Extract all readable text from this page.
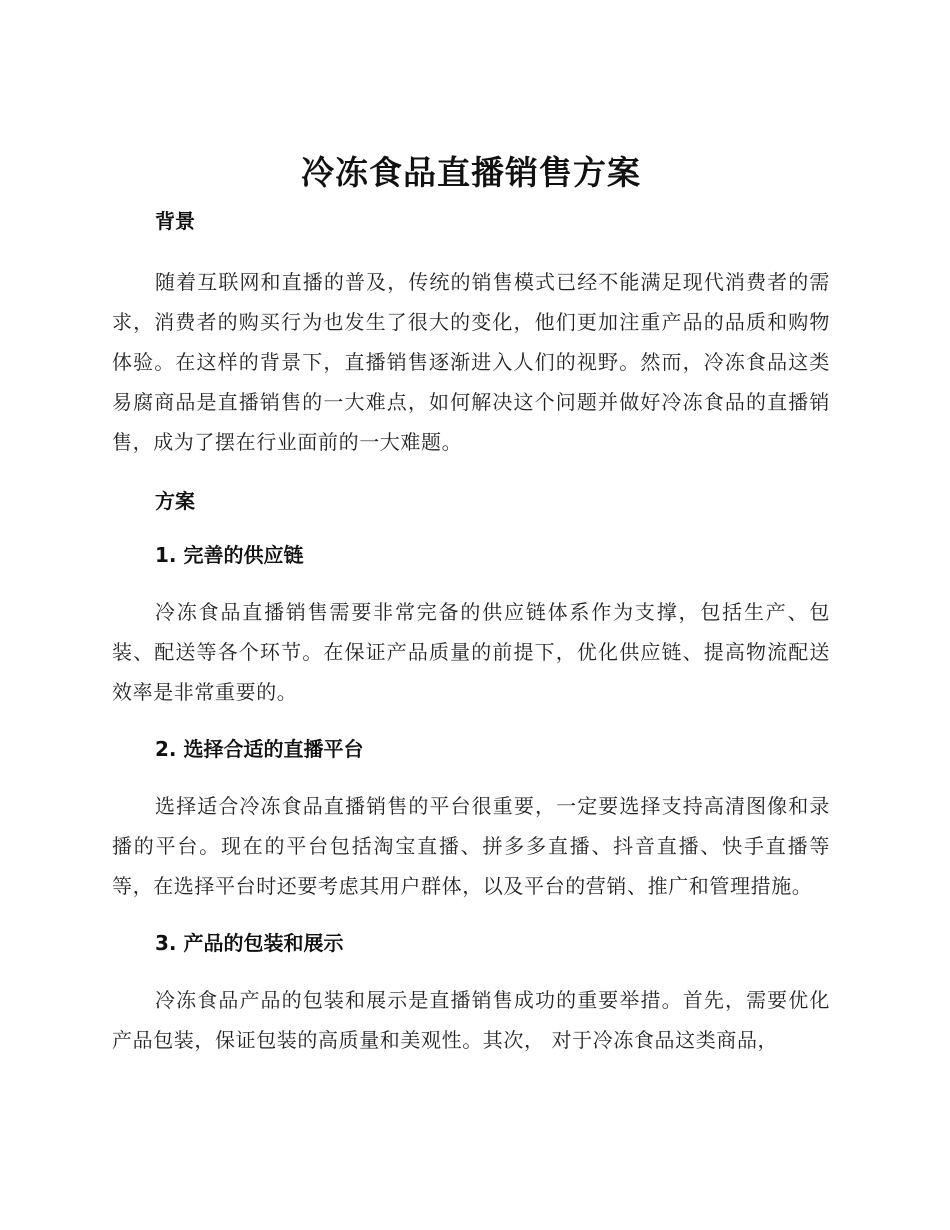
冷冻食品直播销售方案
背景

随着互联网和直播的普及，传统的销售模式已经不能满足现代消费者的需求，消费者的购买行为也发生了很大的变化，他们更加注重产品的品质和购物体验。在这样的背景下，直播销售逐渐进入人们的视野。然而，冷冻食品这类易腐商品是直播销售的一大难点，如何解决这个问题并做好冷冻食品的直播销售，成为了摆在行业面前的一大难题。

方案
1. 完善的供应链

冷冻食品直播销售需要非常完备的供应链体系作为支撑，包括生产、包装、配送等各个环节。在保证产品质量的前提下，优化供应链、提高物流配送效率是非常重要的。

2. 选择合适的直播平台

选择适合冷冻食品直播销售的平台很重要，一定要选择支持高清图像和录播的平台。现在的平台包括淘宝直播、拼多多直播、抖音直播、快手直播等等，在选择平台时还要考虑其用户群体，以及平台的营销、推广和管理措施。

3. 产品的包装和展示

冷冻食品产品的包装和展示是直播销售成功的重要举措。首先，需要优化产品包装，保证包装的高质量和美观性。其次， 对于冷冻食品这类商品，
